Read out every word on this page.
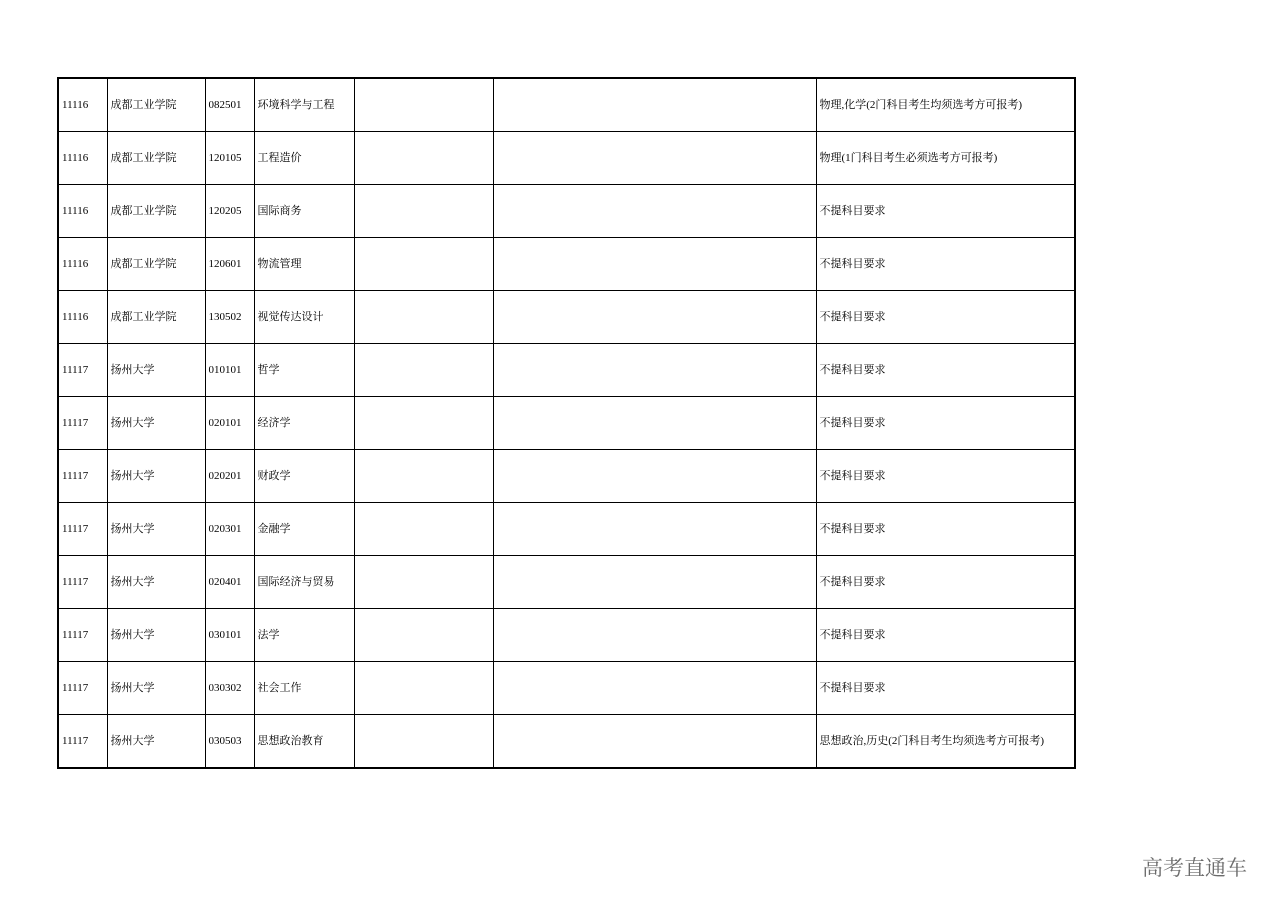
11116	成都工业学院	082501	环境科学与工程			物理,化学(2门科目考生均须选考方可报考)
11116	成都工业学院	120105	工程造价			物理(1门科目考生必须选考方可报考)
11116	成都工业学院	120205	国际商务			不提科目要求
11116	成都工业学院	120601	物流管理			不提科目要求
11116	成都工业学院	130502	视觉传达设计			不提科目要求
11117	扬州大学	010101	哲学			不提科目要求
11117	扬州大学	020101	经济学			不提科目要求
11117	扬州大学	020201	财政学			不提科目要求
11117	扬州大学	020301	金融学			不提科目要求
11117	扬州大学	020401	国际经济与贸易			不提科目要求
11117	扬州大学	030101	法学			不提科目要求
11117	扬州大学	030302	社会工作			不提科目要求
11117	扬州大学	030503	思想政治教育			思想政治,历史(2门科目考生均须选考方可报考)
高考直通车
